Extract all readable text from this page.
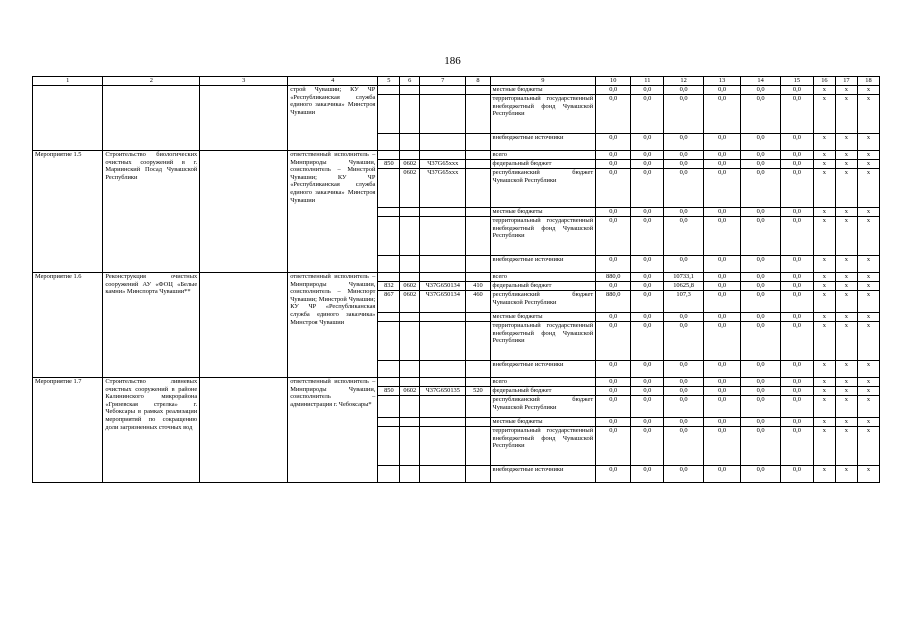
186
1	2	3	4	5	6	7	8	9	10	11	12	13	14	15	16	17	18
			строй Чувашии; КУ ЧР «Республиканская служба единого заказчика» Минстроя Чувашии					местные бюджеты	0,0	0,0	0,0	0,0	0,0	0,0	x	x	x
								территориальный государственный внебюджетный фонд Чувашской Республики	0,0	0,0	0,0	0,0	0,0	0,0	x	x	x
								внебюджетные источники	0,0	0,0	0,0	0,0	0,0	0,0	x	x	x
Мероприятие 1.5	Строительство биологических очистных сооружений в г. Мариинский Посад Чувашской Республики		ответственный исполнитель – Минприроды Чувашии, соисполнитель – Минстрой Чувашии; КУ ЧР «Республиканская служба единого заказчика» Минстроя Чувашии					всего	0,0	0,0	0,0	0,0	0,0	0,0	x	x	x
				850	0602	Ч37G65ххх		федеральный бюджет	0,0	0,0	0,0	0,0	0,0	0,0	x	x	x
					0602	Ч37G65ххх		республиканский бюджет Чувашской Республики	0,0	0,0	0,0	0,0	0,0	0,0	x	x	x
								местные бюджеты	0,0	0,0	0,0	0,0	0,0	0,0	x	x	x
								территориальный государственный внебюджетный фонд Чувашской Республики	0,0	0,0	0,0	0,0	0,0	0,0	x	x	x
								внебюджетные источники	0,0	0,0	0,0	0,0	0,0	0,0	x	x	x
Мероприятие 1.6	Реконструкция очистных сооружений АУ «ФОЦ «Белые камни» Минспорта Чувашии**		ответственный исполнитель – Минприроды Чувашии, соисполнитель – Минспорт Чувашии; Минстрой Чувашии; КУ ЧР «Республиканская служба единого заказчика» Минстроя Чувашии					всего	880,0	0,0	10733,1	0,0	0,0	0,0	x	x	x
				832	0602	Ч37G650134	410	федеральный бюджет	0,0	0,0	10625,8	0,0	0,0	0,0	x	x	x
				867	0602	Ч37G650134	460	республиканский бюджет Чувашской Республики	880,0	0,0	107,3	0,0	0,0	0,0	x	x	x
								местные бюджеты	0,0	0,0	0,0	0,0	0,0	0,0	x	x	x
								территориальный государственный внебюджетный фонд Чувашской Республики	0,0	0,0	0,0	0,0	0,0	0,0	x	x	x
								внебюджетные источники	0,0	0,0	0,0	0,0	0,0	0,0	x	x	x
Мероприятие 1.7	Строительство ливневых очистных сооружений в районе Калининского микрорайона «Грязевская стрелка» г. Чебоксары в рамках реализации мероприятий по сокращению доли загрязненных сточных вод		ответственный исполнитель – Минприроды Чувашии, соисполнитель – администрация г. Чебоксары*					всего	0,0	0,0	0,0	0,0	0,0	0,0	x	x	x
				850	0602	Ч37G650135	520	федеральный бюджет	0,0	0,0	0,0	0,0	0,0	0,0	x	x	x
								республиканский бюджет Чувашской Республики	0,0	0,0	0,0	0,0	0,0	0,0	x	x	x
								местные бюджеты	0,0	0,0	0,0	0,0	0,0	0,0	x	x	x
								территориальный государственный внебюджетный фонд Чувашской Республики	0,0	0,0	0,0	0,0	0,0	0,0	x	x	x
								внебюджетные источники	0,0	0,0	0,0	0,0	0,0	0,0	x	x	x
